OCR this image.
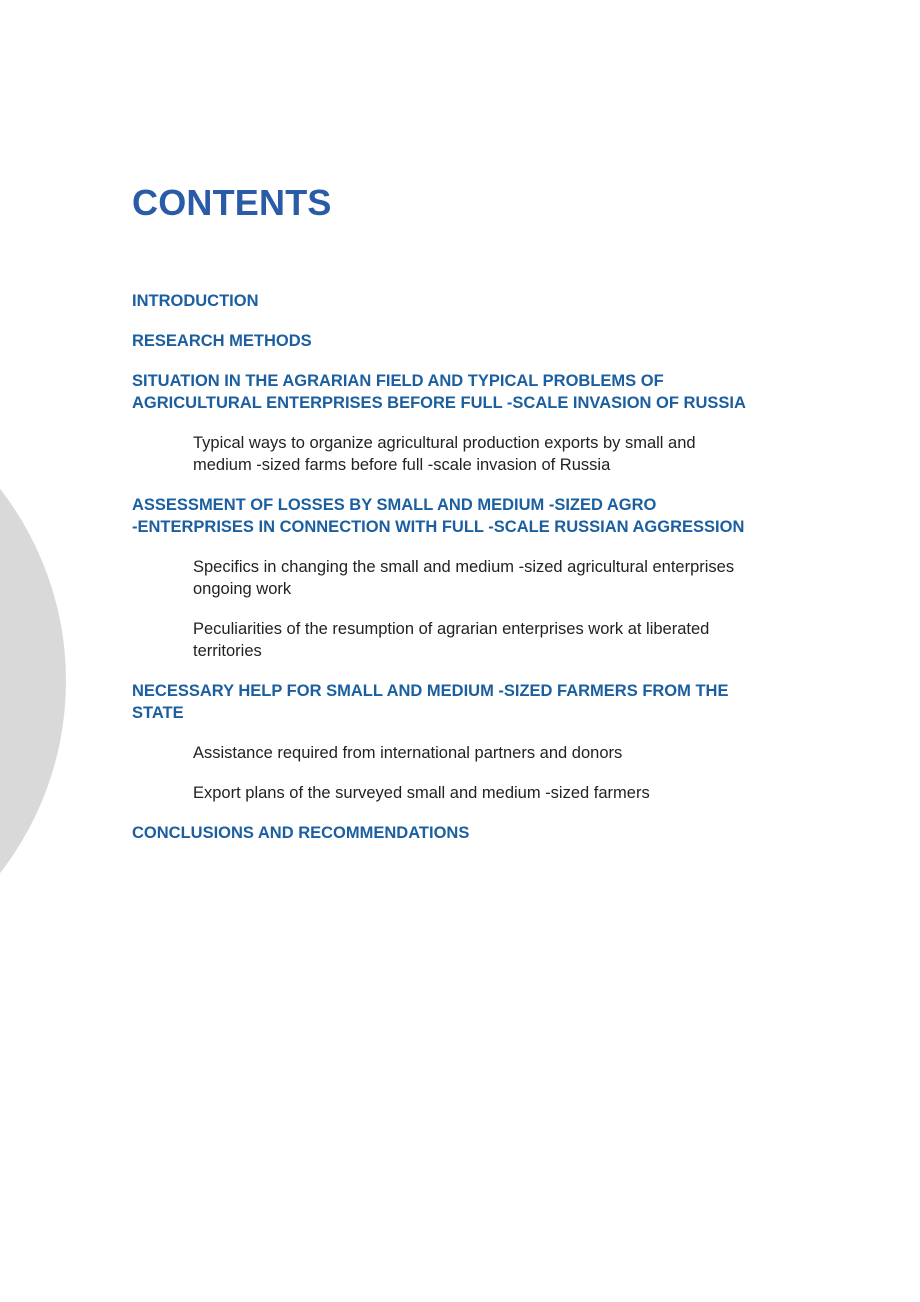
CONTENTS
INTRODUCTION
RESEARCH METHODS
SITUATION IN THE AGRARIAN FIELD AND TYPICAL PROBLEMS OF
AGRICULTURAL ENTERPRISES BEFORE FULL -SCALE INVASION OF RUSSIA
Typical ways to organize agricultural production exports by small and
medium -sized farms before full -scale invasion of Russia
ASSESSMENT OF LOSSES BY SMALL AND MEDIUM -SIZED AGRO
-ENTERPRISES IN CONNECTION WITH FULL -SCALE RUSSIAN AGGRESSION
Specifics in changing the small and medium -sized agricultural enterprises
ongoing work
Peculiarities of the resumption of agrarian enterprises work at liberated
territories
NECESSARY HELP FOR SMALL AND MEDIUM -SIZED FARMERS FROM THE
STATE
Assistance required from international partners and donors
Export plans of the surveyed small and medium -sized farmers
CONCLUSIONS AND RECOMMENDATIONS
